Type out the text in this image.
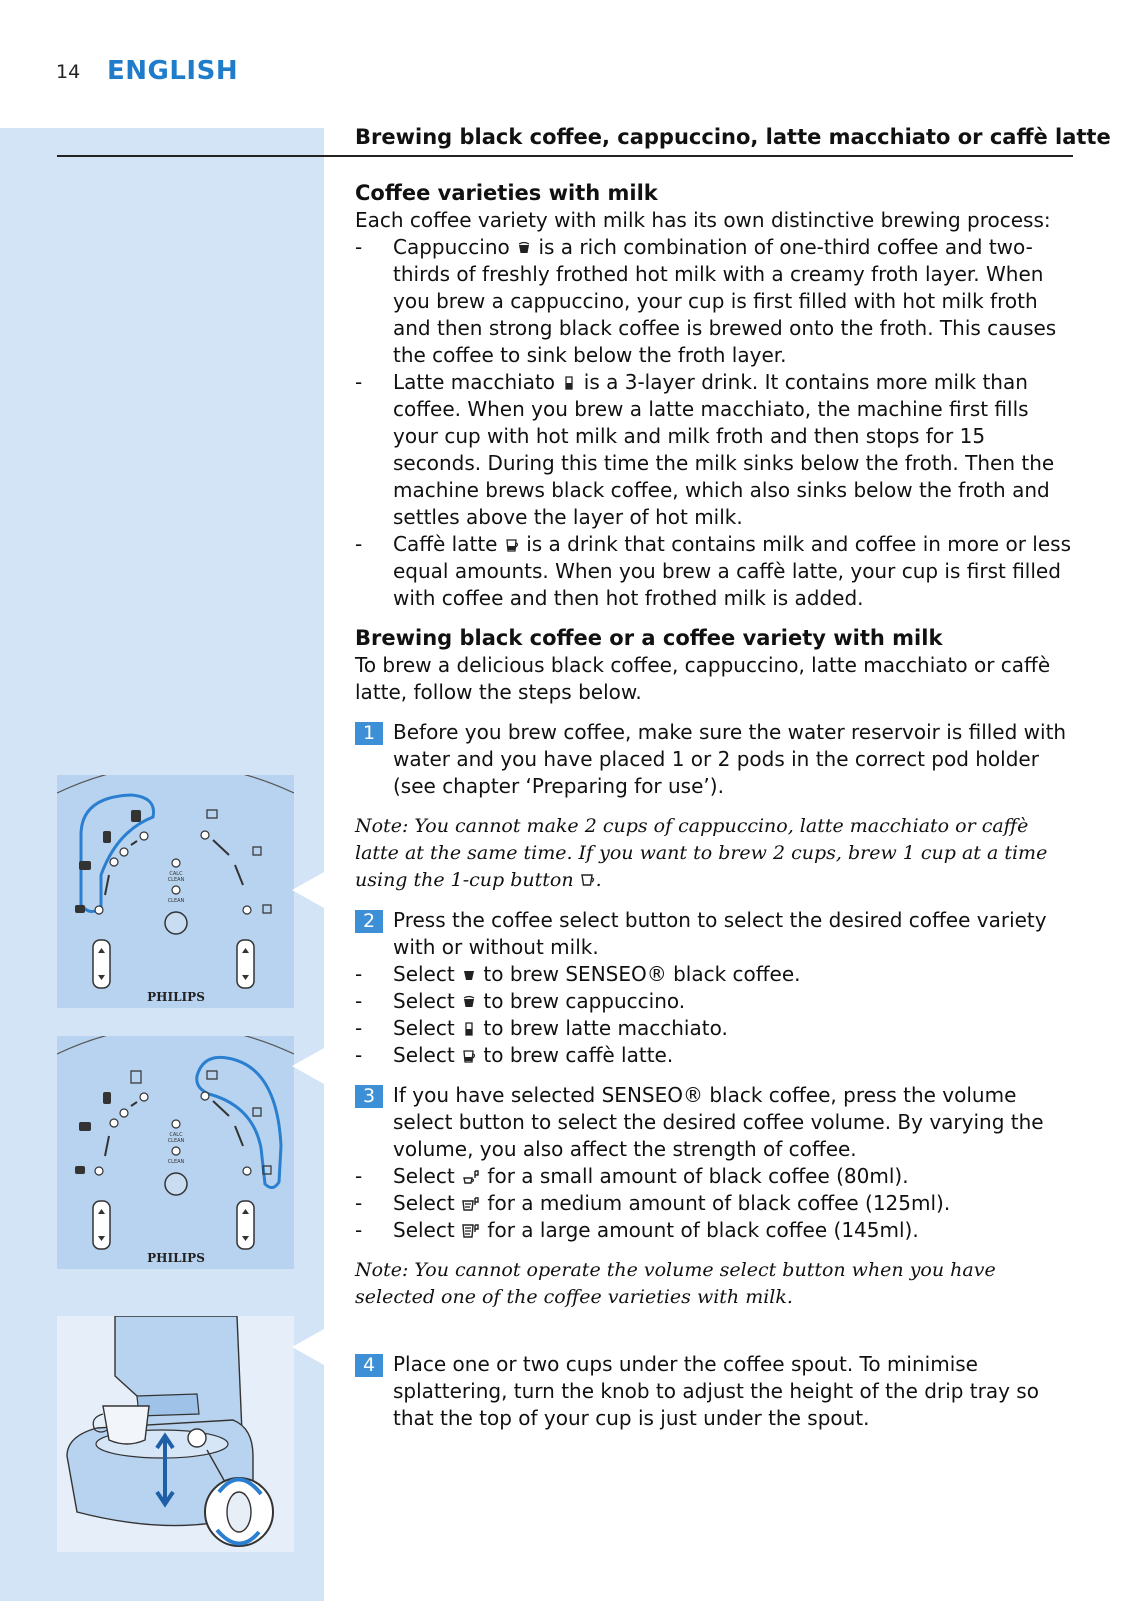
14 ENGLISH
Brewing black coffee, cappuccino, latte macchiato or caffè latte
CALC
CLEAN
CLEAN
PHILIPS
CALC
CLEAN
CLEAN
PHILIPS
Coffee varieties with milk

Each coffee variety with milk has its own distinctive brewing process:

- Cappuccino is a rich combination of one-third coffee and two-thirds of freshly frothed hot milk with a creamy froth layer. When you brew a cappuccino, your cup is first filled with hot milk froth and then strong black coffee is brewed onto the froth. This causes the coffee to sink below the froth layer.
- Latte macchiato is a 3-layer drink. It contains more milk than coffee. When you brew a latte macchiato, the machine first fills your cup with hot milk and milk froth and then stops for 15 seconds. During this time the milk sinks below the froth. Then the machine brews black coffee, which also sinks below the froth and settles above the layer of hot milk.
- Caffè latte is a drink that contains milk and coffee in more or less equal amounts. When you brew a caffè latte, your cup is first filled with coffee and then hot frothed milk is added.
Brewing black coffee or a coffee variety with milk

To brew a delicious black coffee, cappuccino, latte macchiato or caffè latte, follow the steps below.

1 Before you brew coffee, make sure the water reservoir is filled with water and you have placed 1 or 2 pods in the correct pod holder (see chapter ‘Preparing for use’).

Note: You cannot make 2 cups of cappuccino, latte macchiato or caffè latte at the same time. If you want to brew 2 cups, brew 1 cup at a time using the 1-cup button .

2 Press the coffee select button to select the desired coffee variety with or without milk.
- Select to brew SENSEO® black coffee.
- Select to brew cappuccino.
- Select to brew latte macchiato.
- Select to brew caffè latte.
3 If you have selected SENSEO® black coffee, press the volume select button to select the desired coffee volume. By varying the volume, you also affect the strength of coffee.
- Select for a small amount of black coffee (80ml).
- Select for a medium amount of black coffee (125ml).
- Select for a large amount of black coffee (145ml).

Note: You cannot operate the volume select button when you have selected one of the coffee varieties with milk.

4 Place one or two cups under the coffee spout. To minimise splattering, turn the knob to adjust the height of the drip tray so that the top of your cup is just under the spout.
